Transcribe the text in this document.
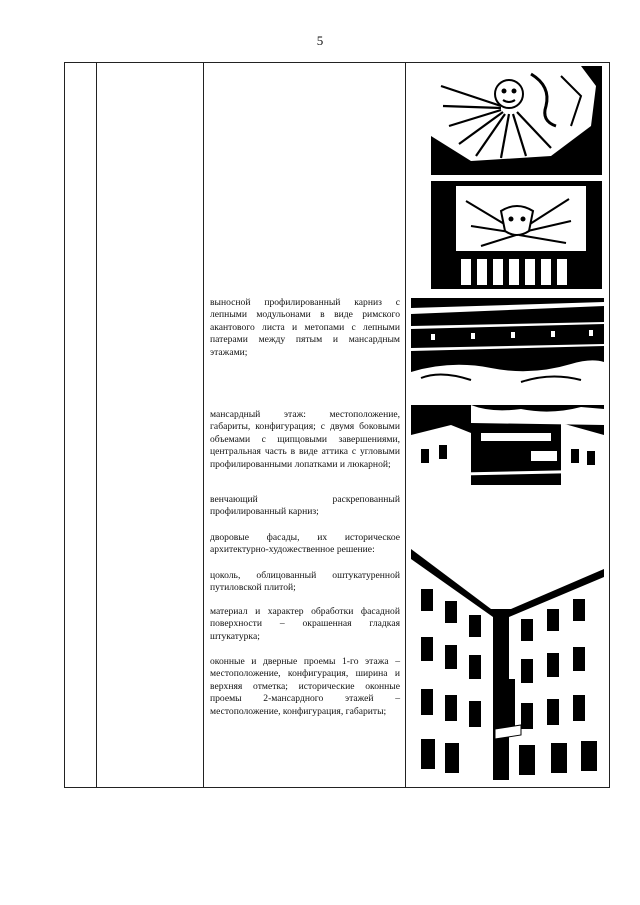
5
выносной профилированный карниз с лепными модульонами в виде римского акантового листа и метопами с лепными патерами между пятым и мансардным этажами;
мансардный этаж: местоположение, габариты, конфигурация; с двумя боковыми объемами с щипцовыми завершениями, центральная часть в виде аттика с угловыми профилированными лопатками и люкарной;
венчающий раскрепованный профилированный карниз;
дворовые фасады, их историческое архитектурно-художественное решение:
цоколь, облицованный оштукатуренной путиловской плитой;
материал и характер обработки фасадной поверхности – окрашенная гладкая штукатурка;
оконные и дверные проемы 1-го этажа – местоположение, конфигурация, ширина и верхняя отметка; исторические оконные проемы 2-мансардного этажей – местоположение, конфигурация, габариты;
